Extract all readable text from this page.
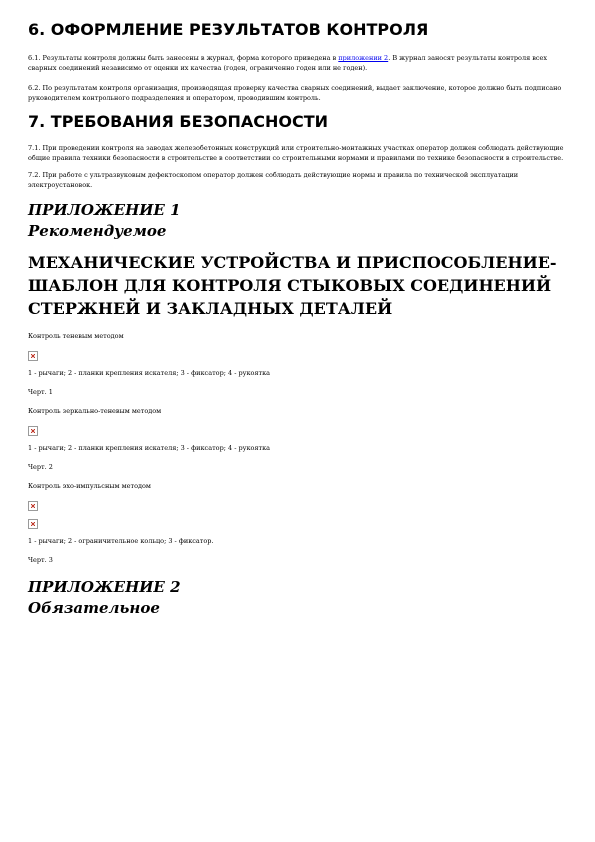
6. ОФОРМЛЕНИЕ РЕЗУЛЬТАТОВ КОНТРОЛЯ

6.1. Результаты контроля должны быть занесены в журнал, форма которого приведена в приложении 2. В журнал заносят результаты контроля всех сварных соединений независимо от оценки их качества (годен, ограниченно годен или не годен).

6.2. По результатам контроля организация, производящая проверку качества сварных соединений, выдает заключение, которое должно быть подписано руководителем контрольного подразделения и оператором, проводившим контроль.

7. ТРЕБОВАНИЯ БЕЗОПАСНОСТИ

7.1. При проведении контроля на заводах железобетонных конструкций или строительно-монтажных участках оператор должен соблюдать действующие общие правила техники безопасности в строительстве в соответствии со строительными нормами и правилами по технике безопасности в строительстве.

7.2. При работе с ультразвуковым дефектоскопом оператор должен соблюдать действующие нормы и правила по технической эксплуатации электроустановок.

ПРИЛОЖЕНИЕ 1
Рекомендуемое
МЕХАНИЧЕСКИЕ УСТРОЙСТВА И ПРИСПОСОБЛЕНИЕ-ШАБЛОН ДЛЯ КОНТРОЛЯ СТЫКОВЫХ СОЕДИНЕНИЙ СТЕРЖНЕЙ И ЗАКЛАДНЫХ ДЕТАЛЕЙ

Контроль теневым методом

1 - рычаги; 2 - планки крепления искателя; 3 - фиксатор; 4 - рукоятка

Черт. 1

Контроль зеркально-теневым методом

1 - рычаги; 2 - планки крепления искателя; 3 - фиксатор; 4 - рукоятка

Черт. 2

Контроль эхо-импульсным методом

1 - рычаги; 2 - ограничительное кольцо; 3 - фиксатор.

Черт. 3

ПРИЛОЖЕНИЕ 2
Обязательное
